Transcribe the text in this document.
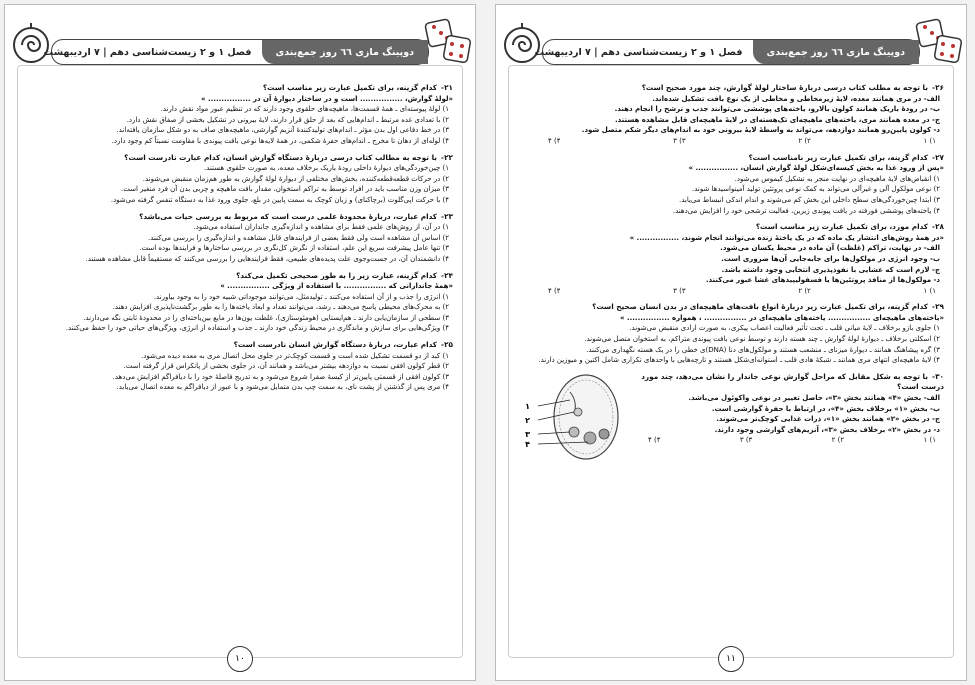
دوپینگ مازی ٦٦ روز جمع‌بندی
فصل ۱ و ۲ زیست‌شناسی دهم | ۷ اردیبهشت
۲۱-کدام گزینه، برای تکمیل عبارت زیر مناسب است؟
«لولهٔ گوارش، ................ است و در ساختار دیوارهٔ آن در ................ »
۱) لولهٔ پیوسته‌ای ـ همهٔ قسمت‌ها، ماهیچه‌های حلقوی وجود دارند که در تنظیم عبور مواد نقش دارند.
۲) با تعدادی غده مرتبط ـ اندام‌هایی که بعد از حلق قرار دارند، لایهٔ بیرونی در تشکیل بخشی از صفاق نقش دارد.
۳) در خط دفاعی اول بدن مؤثر ـ اندام‌های تولیدکنندهٔ آنزیم گوارشی، ماهیچه‌های صاف به دو شکل سازمان یافته‌اند.
۴) لوله‌ای از دهان تا مخرج ـ اندام‌های حفرهٔ شکمی، در همهٔ لایه‌ها نوعی بافت پیوندی با مقاومت نسبتاً کم وجود دارد.
۲۲-با توجه به مطالب کتاب درسی دربارهٔ دستگاه گوارش انسان، کدام عبارت نادرست است؟
۱) چین‌خوردگی‌های دیوارهٔ داخلی رودهٔ باریک برخلاف معده، به صورت حلقوی هستند.
۲) در حرکات قطعه‌قطعه‌کننده، بخش‌های مختلفی از دیوارهٔ لولهٔ گوارش به طور هم‌زمان منقبض می‌شوند.
۳) میزان وزن مناسب باید در افراد توسط به تراکم استخوان، مقدار بافت ماهیچه و چربی بدن آن فرد متغیر است.
۴) با حرکت اپی‌گلوت (برچاکنای) و زبان کوچک به سمت پایین در بلع، جلوی ورود غذا به دستگاه تنفس گرفته می‌شود.
۲۳-کدام عبارت، دربارهٔ محدودهٔ علمی درست است که مربوط به بررسی حیات می‌باشد؟
۱) در آن، از روش‌های علمی فقط برای مشاهده و اندازه‌گیری جانداران استفاده می‌شود.
۲) اساس آن مشاهده است ولی فقط بعضی از فرایندهای قابل مشاهده و اندازه‌گیری را بررسی می‌کنند.
۳) تنها عامل پیشرفت سریع این علم، استفاده از نگرش کل‌نگری در بررسی ساختارها و فرایندها بوده است.
۴) دانشمندان آن، در جست‌وجوی علت پدیده‌های طبیعی، فقط فرایندهایی را بررسی می‌کنند که مستقیماً قابل مشاهده هستند.
۲۴-کدام گزینه، عبارت زیر را به طور صحیحی تکمیل می‌کند؟
«همهٔ جاندارانی که ................ با استفاده از ویژگی ................ »
۱) انرژی را جذب و از آن استفاده می‌کنند ـ تولیدمثل، می‌توانند موجوداتی شبیه خود را به وجود بیاورند.
۲) به محرک‌های محیطی پاسخ می‌دهند ـ رشد، می‌توانند تعداد و ابعاد یاخته‌ها را به طور برگشت‌ناپذیری افزایش دهند.
۳) سطحی از سازمان‌یابی دارند ـ هم‌ایستایی (هومئوستازی)، غلظت یون‌ها در مایع بین‌یاخته‌ای را در محدودهٔ ثابتی نگه می‌دارند.
۴) ویژگی‌هایی برای سازش و ماندگاری در محیط زندگی خود دارند ـ جذب و استفاده از انرژی، ویژگی‌های حیاتی خود را حفظ می‌کنند.
۲۵-کدام عبارت، دربارهٔ دستگاه گوارش انسان نادرست است؟
۱) کبد از دو قسمت تشکیل شده است و قسمت کوچک‌تر در جلوی محل اتصال مری به معده دیده می‌شود.
۲) قطر کولون افقی نسبت به دوازدهه بیشتر می‌باشد و همانند آن، در جلوی بخشی از پانکراس قرار گرفته است.
۳) کولون افقی از قسمتی پایین‌تر از کیسهٔ صفرا شروع می‌شود و به تدریج فاصلهٔ خود را با دیافراگم افزایش می‌دهد.
۴) مری پس از گذشتن از پشت نای، به سمت چپ بدن متمایل می‌شود و با عبور از دیافراگم به معده اتصال می‌یابد.
۱۰
دوپینگ مازی ٦٦ روز جمع‌بندی
فصل ۱ و ۲ زیست‌شناسی دهم | ۷ اردیبهشت
۲۶-با توجه به مطلب کتاب درسی دربارهٔ ساختار لولهٔ گوارش، چند مورد صحیح است؟
الف- در مری همانند معده، لایهٔ زیرمخاطی و مخاطی از یک نوع بافت تشکیل شده‌اند.
ب- در رودهٔ باریک همانند کولون بالارو، یاخته‌های پوششی می‌توانند جذب و ترشح را انجام دهند.
ج- در معده همانند مری، یاخته‌های ماهیچه‌ای تک‌هسته‌ای در لایهٔ ماهیچه‌ای قابل مشاهده هستند.
د- کولون پایین‌رو همانند دوازدهه، می‌تواند به واسطهٔ لایهٔ بیرونی خود به اندام‌های دیگر شکم متصل شود.
۱ (۱
۲ (۲
۳ (۳
۴ (۴
۲۷-کدام گزینه، برای تکمیل عبارت زیر نامناسب است؟
«پس از ورود غذا به بخش کیسه‌ای‌شکل لولهٔ گوارش انسان، ................ »
۱) انقباض‌های لایهٔ ماهیچه‌ای در نهایت منجر به تشکیل کیموس می‌شود.
۲) نوعی مولکول آلی و غیرآلی می‌تواند به کمک نوعی پروتئین تولید آمینواسیدها شوند.
۳) ابتدا چین‌خوردگی‌های سطح داخلی این بخش کم می‌شوند و اندام اندکی انبساط می‌یابد.
۴) یاخته‌های پوششی فورفته در بافت پیوندی زیرین، فعالیت ترشحی خود را افزایش می‌دهند.
۲۸-کدام مورد، برای تکمیل عبارت زیر مناسب است؟
«در همهٔ روش‌های انتشار یک ماده که در یک یاختهٔ زنده می‌توانند انجام شوند، ................ »
الف- در نهایت، تراکم (غلظت) آن ماده در محیط یکسان می‌شود.
ب- وجود انرژی در مولکول‌ها برای جابه‌جایی آن‌ها ضروری است.
ج- لازم است که غشایی با نفوذپذیری انتخابی وجود داشته باشد.
د- مولکول‌ها از منافذ پروتئین‌ها یا فسفولیپیدهای غشا عبور می‌کنند.
۱ (۱
۲ (۲
۳ (۳
۴ (۴
۲۹-کدام گزینه، برای تکمیل عبارت زیر دربارهٔ انواع بافت‌های ماهیچه‌ای در بدن انسان صحیح است؟
«یاخته‌های ماهیچه‌ای ................ یاخته‌های ماهیچه‌ای در ................ ، همواره ................ »
۱) جلوی بازو برخلاف ـ لایهٔ میانی قلب ـ تحت تأثیر فعالیت اعصاب پیکری، به صورت ارادی منقبض می‌شوند.
۲) اسکلتی برخلاف ـ دیوارهٔ لولهٔ گوارش ـ چند هسته دارند و توسط نوعی بافت پیوندی متراکم، به استخوان متصل می‌شوند.
۳) گره پیشاهنگ همانند ـ دیوارهٔ میزنای ـ منشعب هستند و مولکول‌های دنا (DNA)ی خطی را در یک هسته نگهداری می‌کنند.
۴) لایهٔ ماهیچه‌ای انتهای مری همانند ـ شبکهٔ هادی قلب ـ استوانه‌ای‌شکل هستند و تارچه‌هایی با واحدهای تکراری شامل اکتین و میوزین دارند.
۱
۲
۳
۴
۳۰-با توجه به شکل مقابل که مراحل گوارش نوعی جاندار را نشان می‌دهد، چند مورد درست است؟
الف- بخش «۴» همانند بخش «۳»، حاصل تغییر در نوعی واکوئول می‌باشد.
ب- بخش «۱» برخلاف بخش «۴»، در ارتباط با حفرهٔ گوارشی است.
ج- در بخش «۲» همانند بخش «۱»، ذرات غذایی کوچک‌تر می‌شوند.
د- در بخش «۲» برخلاف بخش «۳»، آنزیم‌های گوارشی وجود دارند.
۱ (۱
۲ (۲
۳ (۳
۴ (۴
۱۱
